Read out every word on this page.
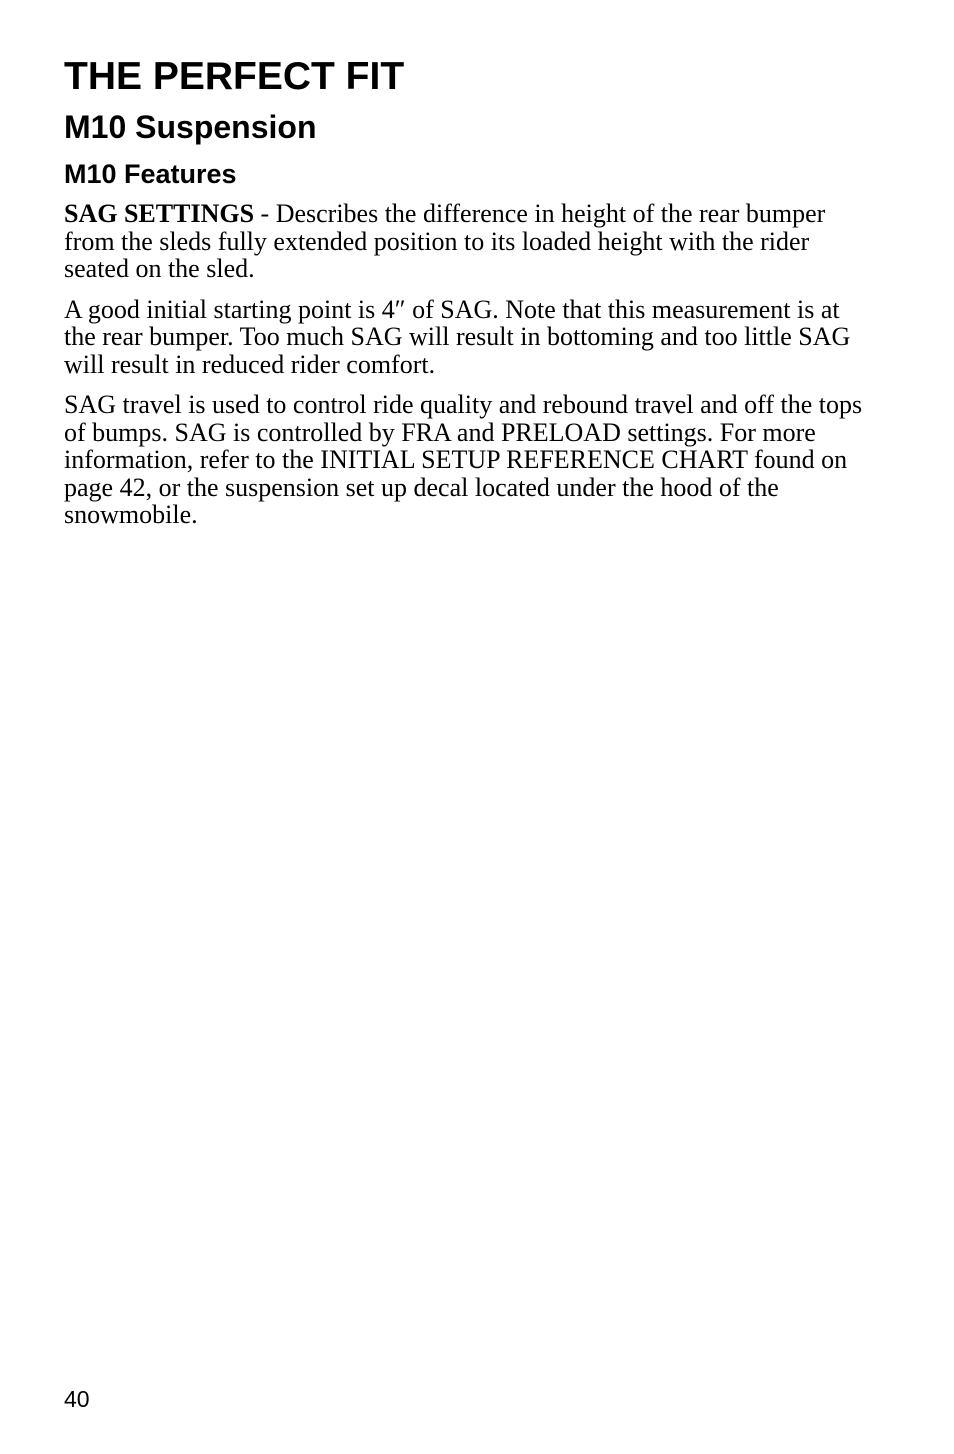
THE PERFECT FIT
M10 Suspension
M10 Features

SAG SETTINGS - Describes the difference in height of the rear bumper from the sleds fully extended position to its loaded height with the rider seated on the sled.

A good initial starting point is 4″ of SAG. Note that this measurement is at the rear bumper. Too much SAG will result in bottoming and too little SAG will result in reduced rider comfort.

SAG travel is used to control ride quality and rebound travel and off the tops of bumps. SAG is controlled by FRA and PRELOAD settings. For more information, refer to the INITIAL SETUP REFERENCE CHART found on page 42, or the suspension set up decal located under the hood of the snowmobile.

40
